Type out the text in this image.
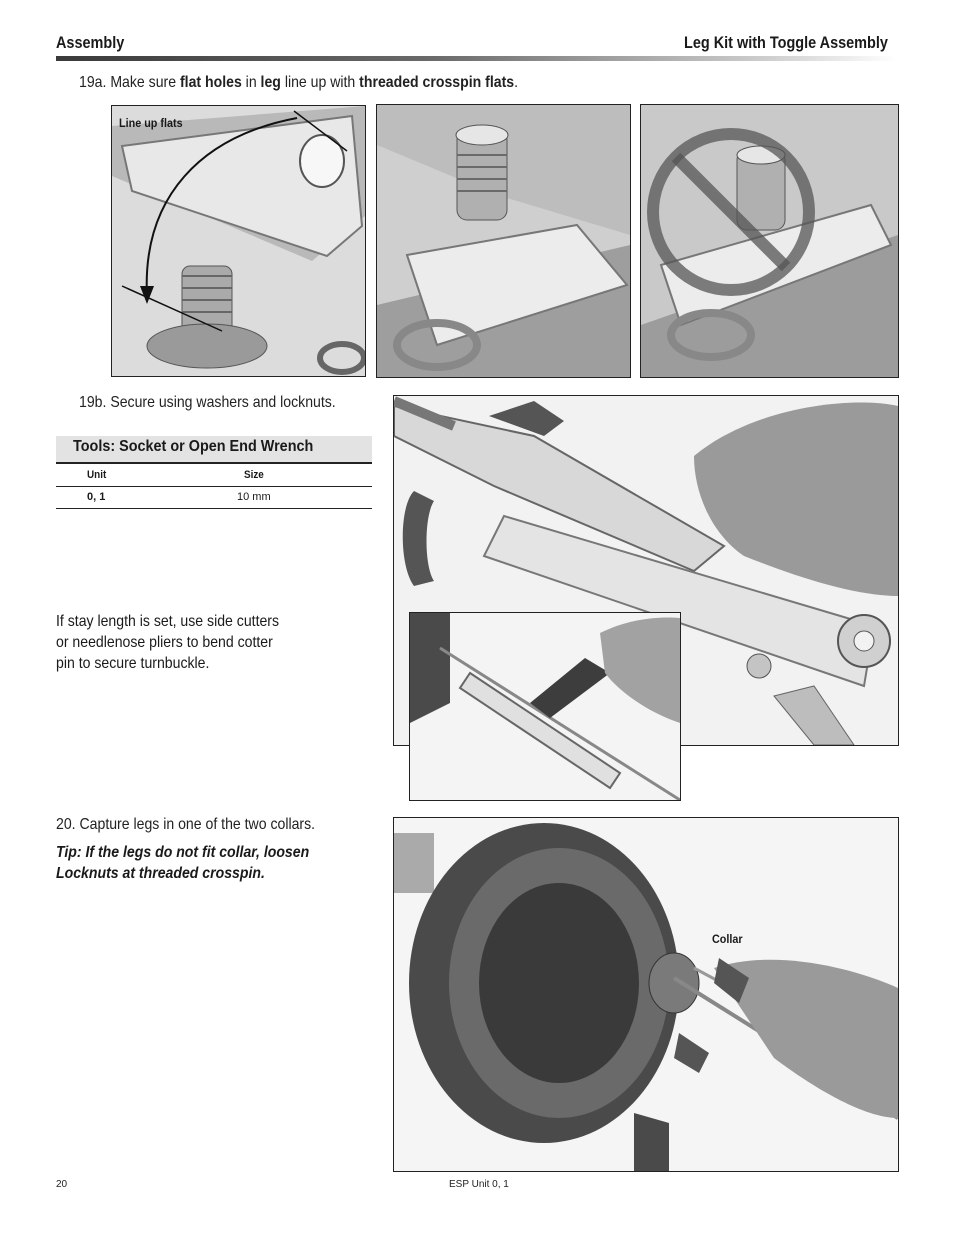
Assembly	Leg Kit with Toggle Assembly
19a. Make sure flat holes in leg line up with threaded crosspin flats.
Line up flats
19b. Secure using washers and locknuts.
Tools: Socket or Open End Wrench
Unit	Size
0, 1	10 mm
If stay length is set, use side cutters
or needlenose pliers to bend cotter
pin to secure turnbuckle.
20. Capture legs in one of the two collars.
Tip: If the legs do not fit collar, loosen
Locknuts at threaded crosspin.
Collar
20	ESP Unit 0, 1
